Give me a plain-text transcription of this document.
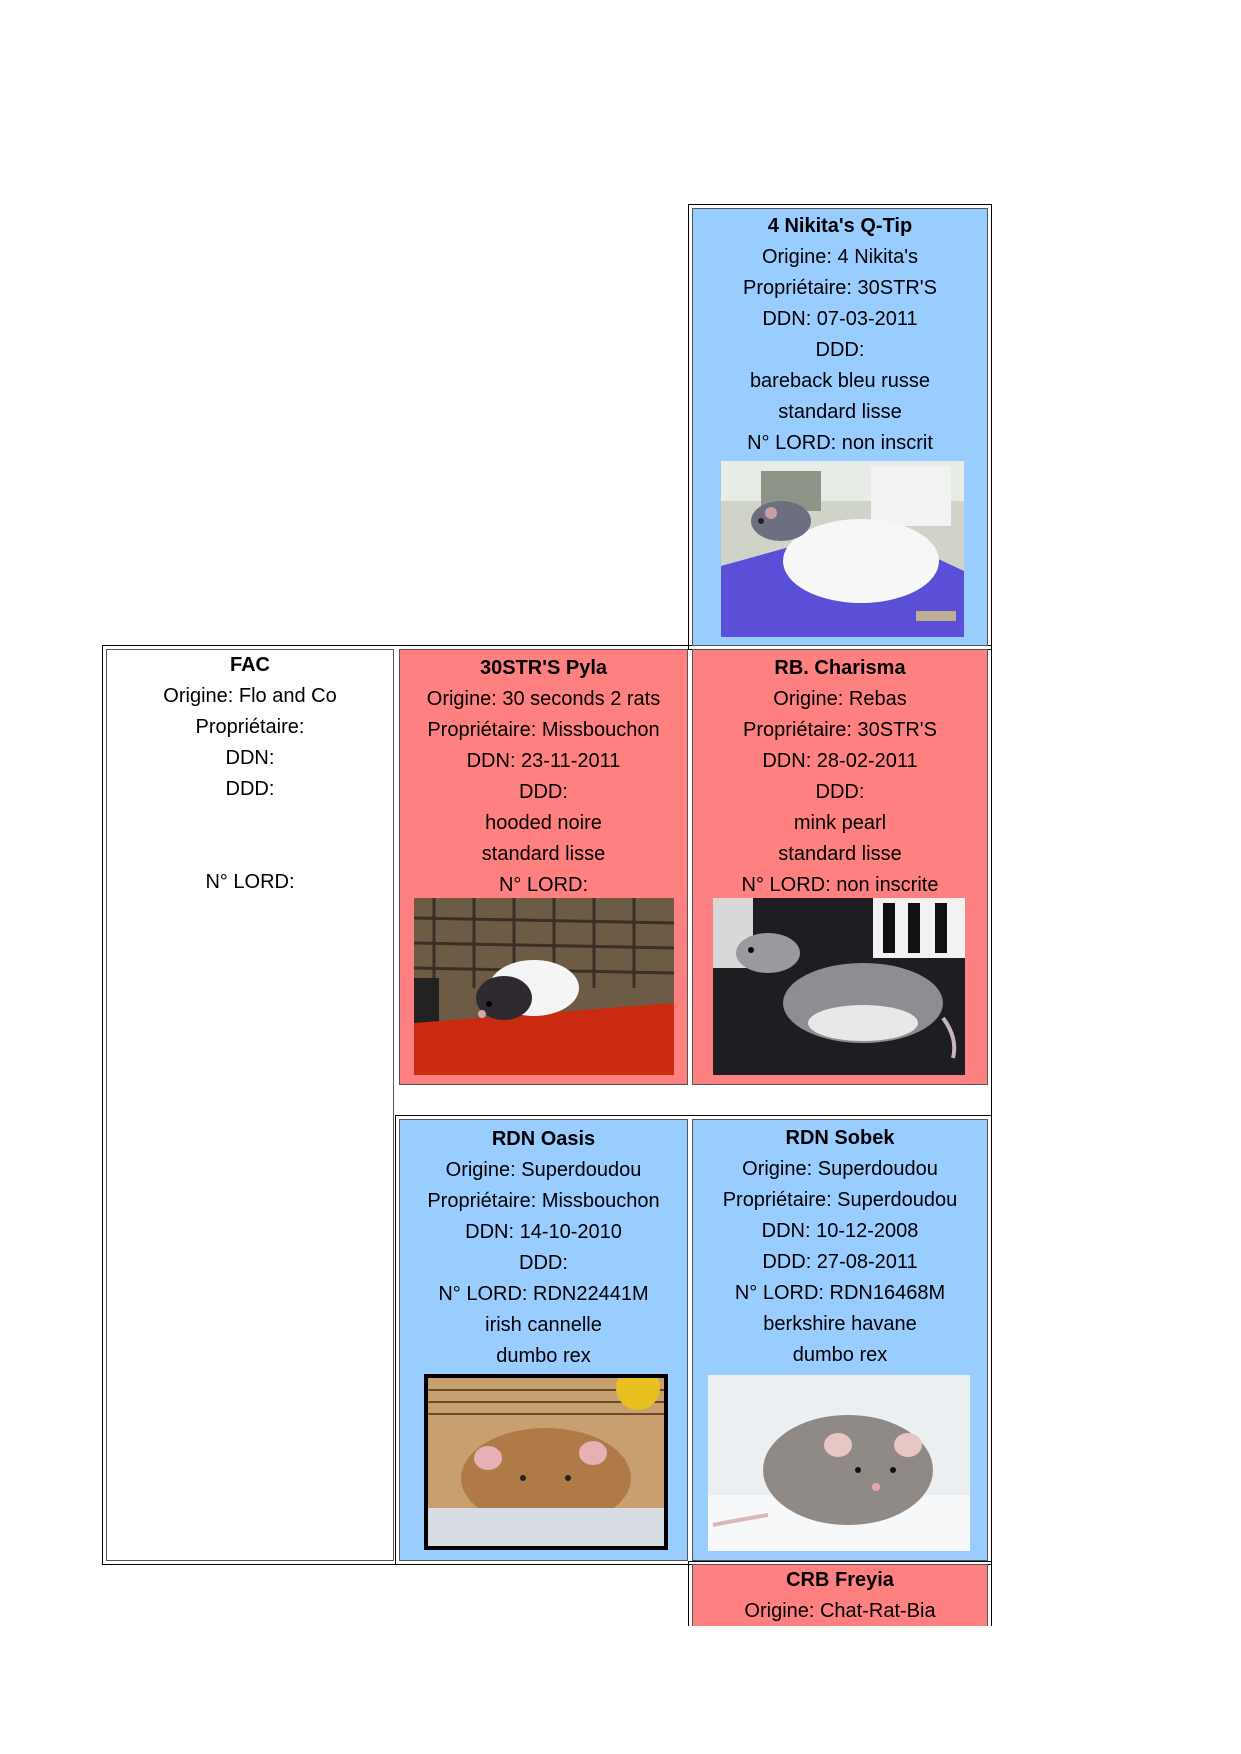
4 Nikita's Q-Tip
Origine: 4 Nikita's
Propriétaire: 30STR'S
DDN: 07-03-2011
DDD:
bareback bleu russe
standard lisse
N° LORD: non inscrit
FAC
Origine: Flo and Co
Propriétaire:
DDN:
DDD:
N° LORD:
30STR'S Pyla
Origine: 30 seconds 2 rats
Propriétaire: Missbouchon
DDN: 23-11-2011
DDD:
hooded noire
standard lisse
N° LORD:
RB. Charisma
Origine: Rebas
Propriétaire: 30STR'S
DDN: 28-02-2011
DDD:
mink pearl
standard lisse
N° LORD: non inscrite
RDN Oasis
Origine: Superdoudou
Propriétaire: Missbouchon
DDN: 14-10-2010
DDD:
N° LORD: RDN22441M
irish cannelle
dumbo rex
RDN Sobek
Origine: Superdoudou
Propriétaire: Superdoudou
DDN: 10-12-2008
DDD: 27-08-2011
N° LORD: RDN16468M
berkshire havane
dumbo rex
CRB Freyia
Origine: Chat-Rat-Bia
